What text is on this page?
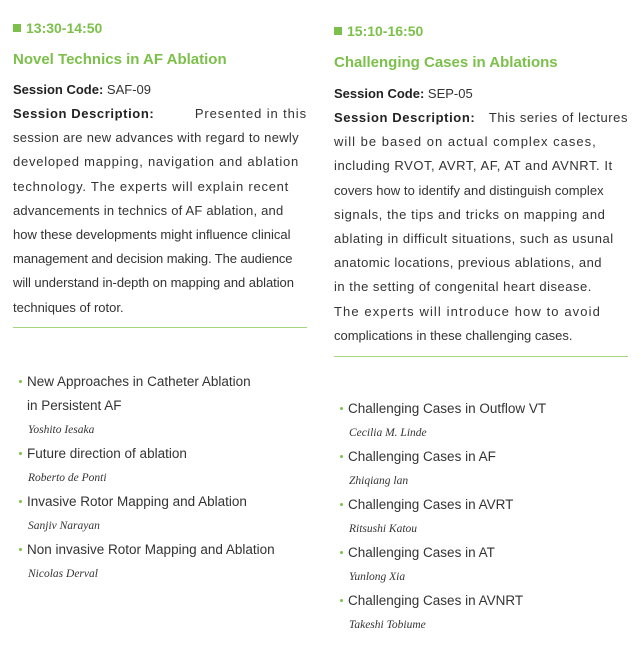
13:30-14:50
Novel Technics in AF Ablation
Session Code: SAF-09
Session Description:	Presented in this
session are new advances with regard to newly
developed mapping, navigation and ablation
technology. The experts will explain recent
advancements in technics of AF ablation, and
how these developments might influence clinical
management and decision making. The audience
will understand in-depth on mapping and ablation
techniques of rotor.
New Approaches in Catheter Ablation
in Persistent AF
Yoshito Iesaka
Future direction of ablation
Roberto de Ponti
Invasive Rotor Mapping and Ablation
Sanjiv Narayan
Non invasive Rotor Mapping and Ablation
Nicolas Derval
15:10-16:50
Challenging Cases in Ablations
Session Code: SEP-05
Session Description: This series of lectures
will be based on actual complex cases,
including RVOT, AVRT, AF, AT and AVNRT. It
covers how to identify and distinguish complex
signals, the tips and tricks on mapping and
ablating in difficult situations, such as usunal
anatomic locations, previous ablations, and
in the setting of congenital heart disease.
The experts will introduce how to avoid
complications in these challenging cases.
Challenging Cases in Outflow VT
Cecilia M. Linde
Challenging Cases in AF
Zhiqiang lan
Challenging Cases in AVRT
Ritsushi Katou
Challenging Cases in AT
Yunlong Xia
Challenging Cases in AVNRT
Takeshi Tobiume
